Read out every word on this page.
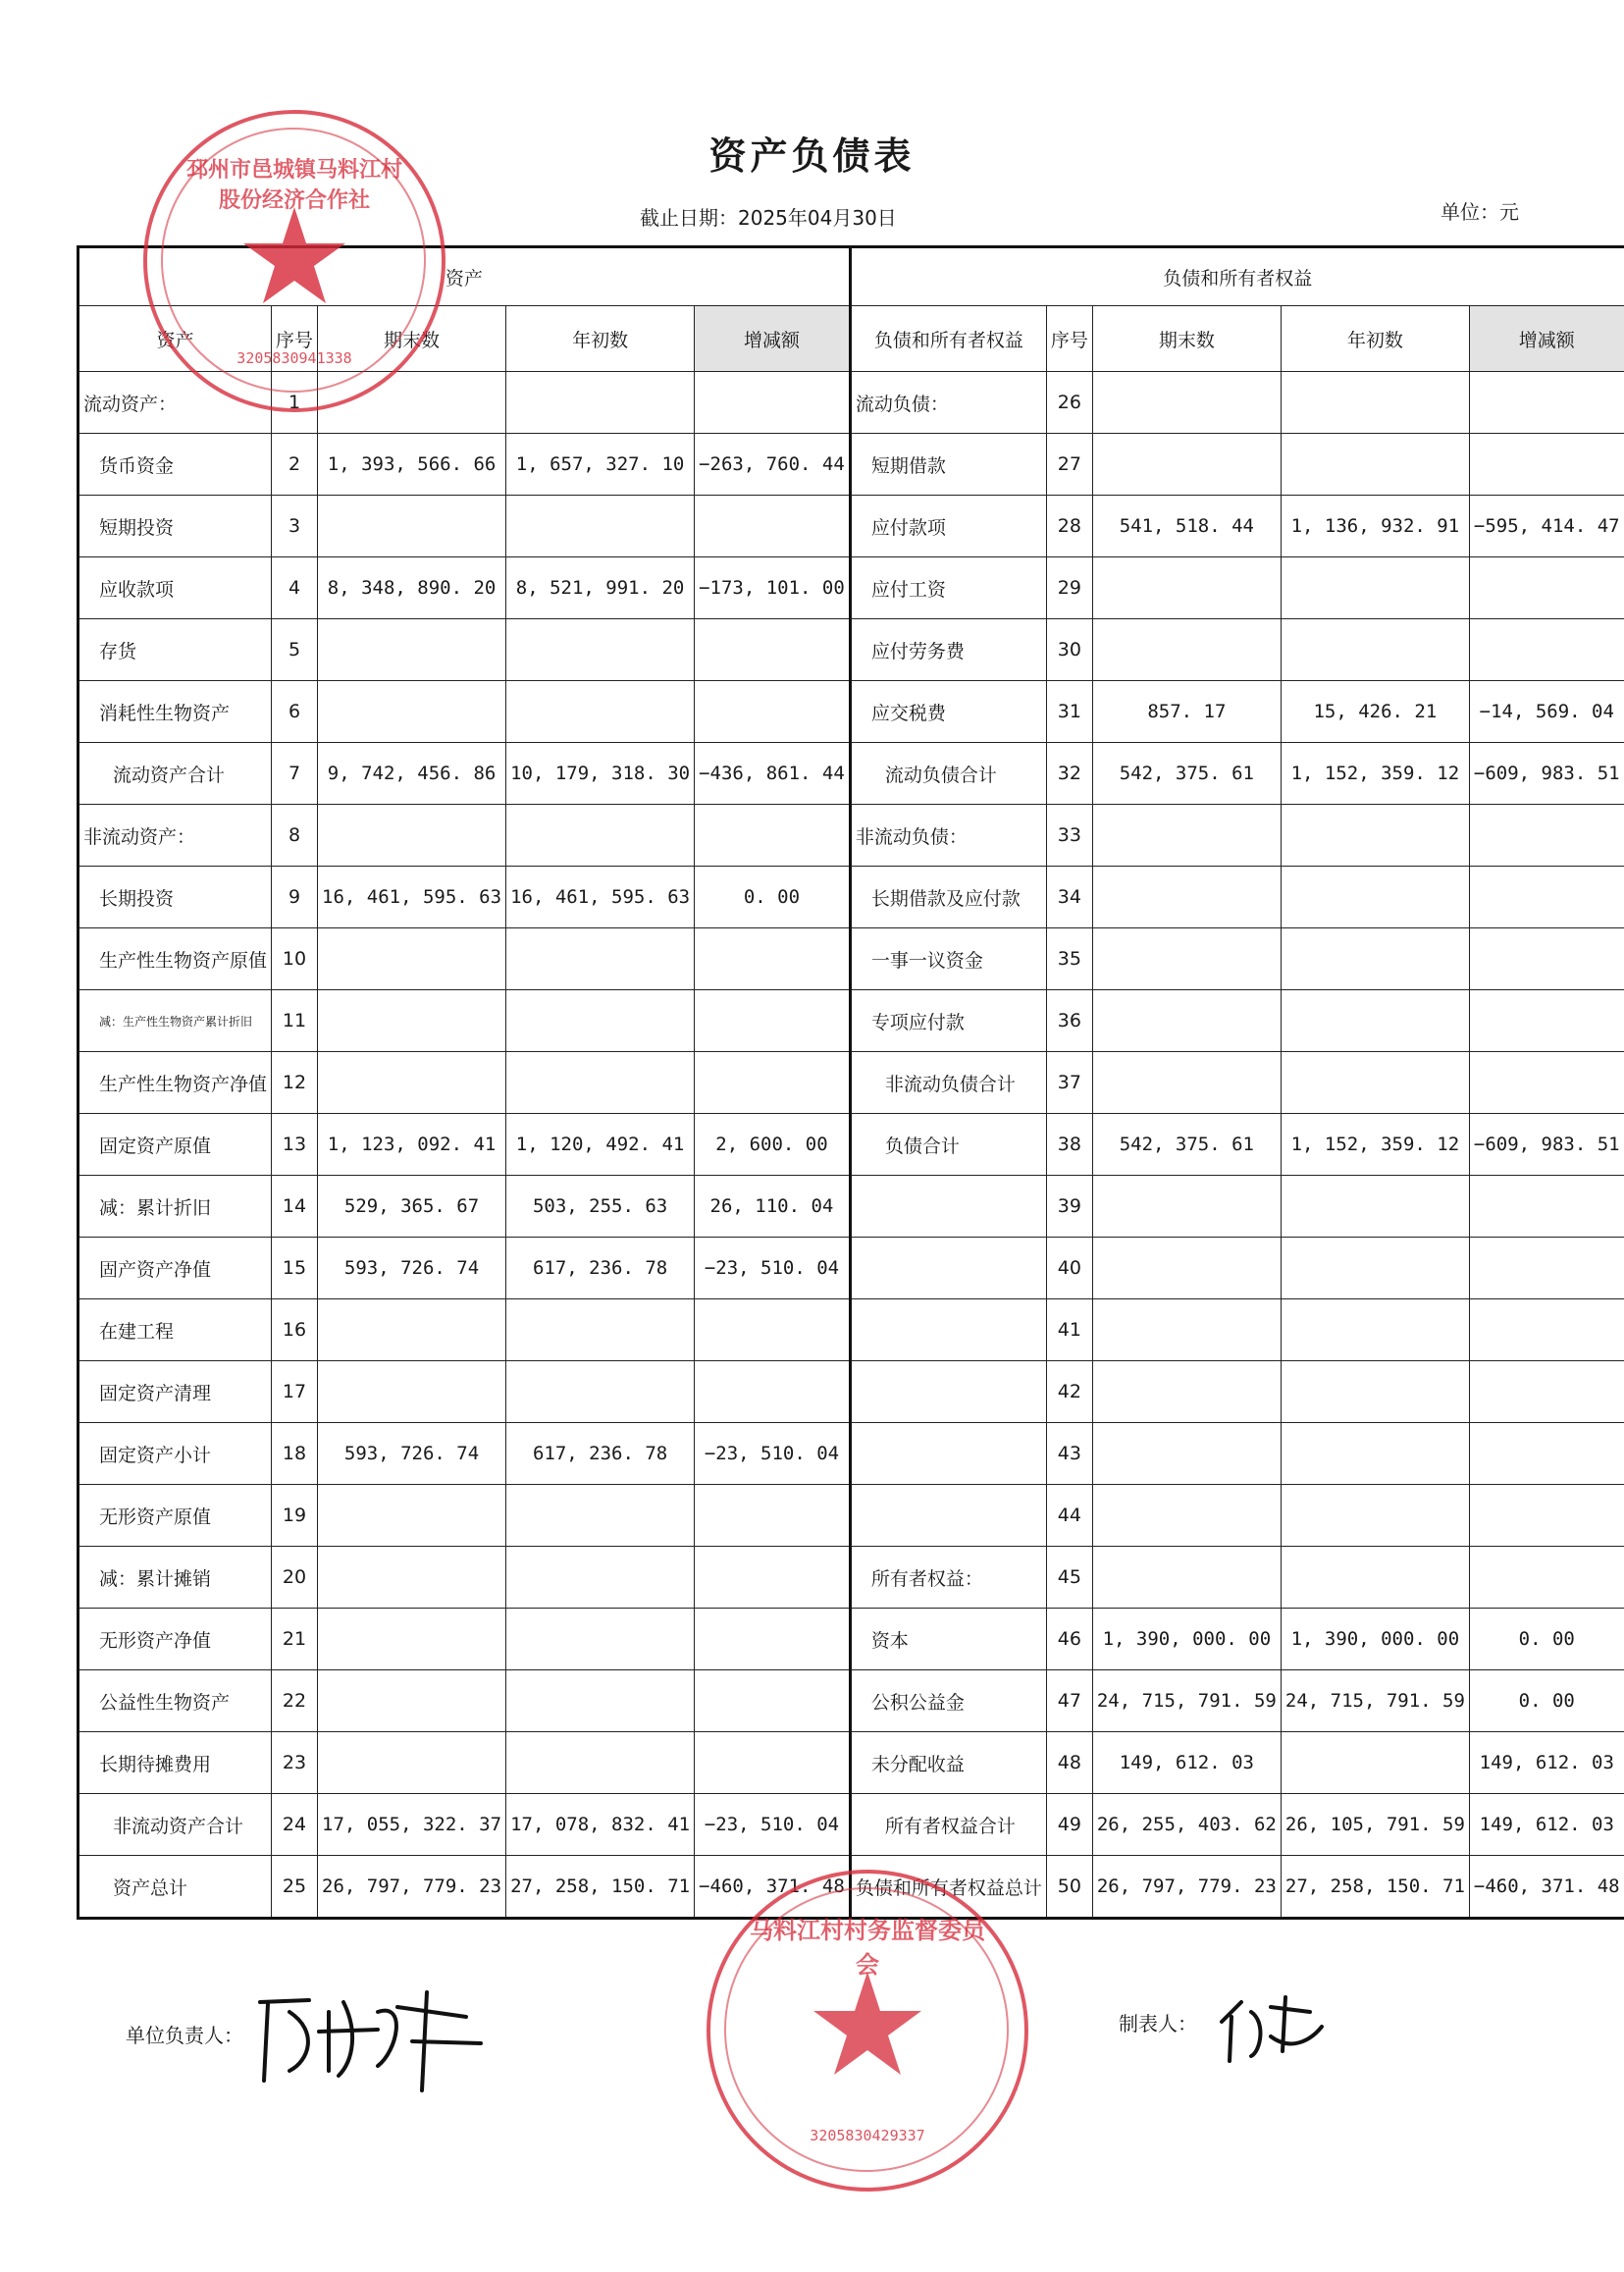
资产负债表
截止日期：2025年04月30日	单位：元
资产					负债和所有者权益				
资产	序号	期末数	年初数	增减额	负债和所有者权益	序号	期末数	年初数	增减额
流动资产：	1				流动负债：	26			
货币资金	2	1, 393, 566. 66	1, 657, 327. 10	−263, 760. 44	短期借款	27			
短期投资	3				应付款项	28	541, 518. 44	1, 136, 932. 91	−595, 414. 47
应收款项	4	8, 348, 890. 20	8, 521, 991. 20	−173, 101. 00	应付工资	29			
存货	5				应付劳务费	30			
消耗性生物资产	6				应交税费	31	857. 17	15, 426. 21	−14, 569. 04
流动资产合计	7	9, 742, 456. 86	10, 179, 318. 30	−436, 861. 44	流动负债合计	32	542, 375. 61	1, 152, 359. 12	−609, 983. 51
非流动资产：	8				非流动负债：	33			
长期投资	9	16, 461, 595. 63	16, 461, 595. 63	0. 00	长期借款及应付款	34			
生产性生物资产原值	10				一事一议资金	35			
减：生产性生物资产累计折旧	11				专项应付款	36			
生产性生物资产净值	12				非流动负债合计	37			
固定资产原值	13	1, 123, 092. 41	1, 120, 492. 41	2, 600. 00	负债合计	38	542, 375. 61	1, 152, 359. 12	−609, 983. 51
减：累计折旧	14	529, 365. 67	503, 255. 63	26, 110. 04		39			
固产资产净值	15	593, 726. 74	617, 236. 78	−23, 510. 04		40			
在建工程	16					41			
固定资产清理	17					42			
固定资产小计	18	593, 726. 74	617, 236. 78	−23, 510. 04		43			
无形资产原值	19					44			
减：累计摊销	20				所有者权益：	45			
无形资产净值	21				资本	46	1, 390, 000. 00	1, 390, 000. 00	0. 00
公益性生物资产	22				公积公益金	47	24, 715, 791. 59	24, 715, 791. 59	0. 00
长期待摊费用	23				未分配收益	48	149, 612. 03		149, 612. 03
非流动资产合计	24	17, 055, 322. 37	17, 078, 832. 41	−23, 510. 04	所有者权益合计	49	26, 255, 403. 62	26, 105, 791. 59	149, 612. 03
资产总计	25	26, 797, 779. 23	27, 258, 150. 71	−460, 371. 48	负债和所有者权益总计	50	26, 797, 779. 23	27, 258, 150. 71	−460, 371. 48
单位负责人：	制表人：
邳州市邑城镇马料江村股份经济合作社
3205830941338
马料江村村务监督委员会
3205830429337
